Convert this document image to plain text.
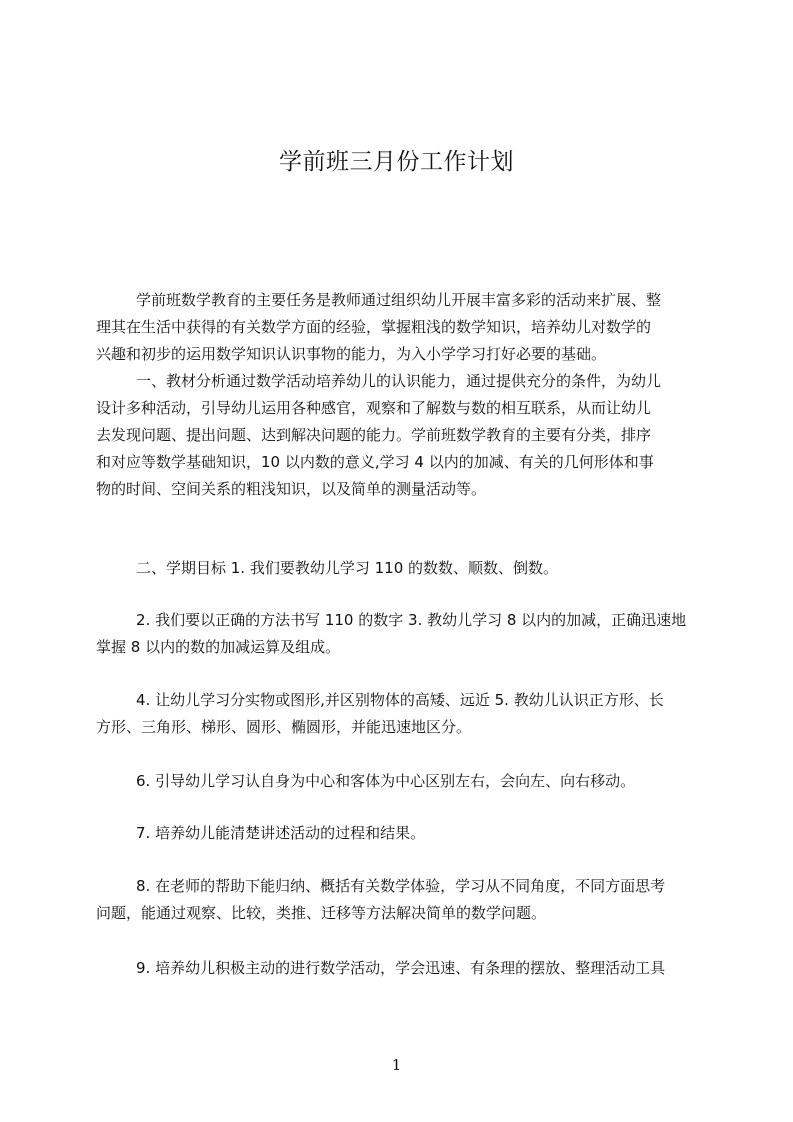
学前班三月份工作计划

学前班数学教育的主要任务是教师通过组织幼儿开展丰富多彩的活动来扩展、整
理其在生活中获得的有关数学方面的经验，掌握粗浅的数学知识，培养幼儿对数学的
兴趣和初步的运用数学知识认识事物的能力，为入小学学习打好必要的基础。

一、教材分析通过数学活动培养幼儿的认识能力，通过提供充分的条件，为幼儿
设计多种活动，引导幼儿运用各种感官，观察和了解数与数的相互联系，从而让幼儿
去发现问题、提出问题、达到解决问题的能力。学前班数学教育的主要有分类，排序
和对应等数学基础知识，10 以内数的意义,学习 4 以内的加减、有关的几何形体和事
物的时间、空间关系的粗浅知识，以及简单的测量活动等。

二、学期目标 1. 我们要教幼儿学习 110 的数数、顺数、倒数。

2. 我们要以正确的方法书写 110 的数字 3. 教幼儿学习 8 以内的加减，正确迅速地
掌握 8 以内的数的加减运算及组成。

4. 让幼儿学习分实物或图形,并区别物体的高矮、远近 5. 教幼儿认识正方形、长
方形、三角形、梯形、圆形、椭圆形，并能迅速地区分。

6. 引导幼儿学习认自身为中心和客体为中心区别左右，会向左、向右移动。

7. 培养幼儿能清楚讲述活动的过程和结果。

8. 在老师的帮助下能归纳、概括有关数学体验，学习从不同角度，不同方面思考
问题，能通过观察、比较，类推、迁移等方法解决简单的数学问题。

9. 培养幼儿积极主动的进行数学活动，学会迅速、有条理的摆放、整理活动工具

1
